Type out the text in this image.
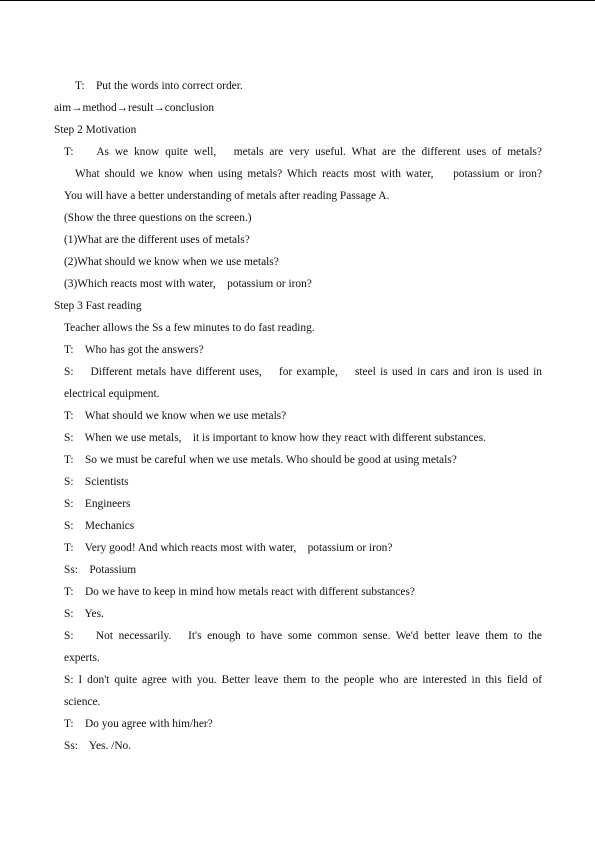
T:    Put the words into correct order.
aim→method→result→conclusion
Step 2 Motivation
T:    As we know quite well,   metals are very useful. What are the different uses of metals?
What should we know when using metals? Which reacts most with water,    potassium or iron?
You will have a better understanding of metals after reading Passage A.
(Show the three questions on the screen.)
(1)What are the different uses of metals?
(2)What should we know when we use metals?
(3)Which reacts most with water,    potassium or iron?
Step 3 Fast reading
Teacher allows the Ss a few minutes to do fast reading.
T:    Who has got the answers?
S:    Different metals have different uses,    for example,    steel is used in cars and iron is used in
electrical equipment.
T:    What should we know when we use metals?
S:    When we use metals,    it is important to know how they react with different substances.
T:    So we must be careful when we use metals. Who should be good at using metals?
S:    Scientists
S:    Engineers
S:    Mechanics
T:    Very good! And which reacts most with water,    potassium or iron?
Ss:    Potassium
T:    Do we have to keep in mind how metals react with different substances?
S:    Yes.
S:    Not necessarily.   It's enough to have some common sense. We'd better leave them to the
experts.
S: I don't quite agree with you. Better leave them to the people who are interested in this field of
science.
T:    Do you agree with him/her?
Ss:    Yes. /No.
